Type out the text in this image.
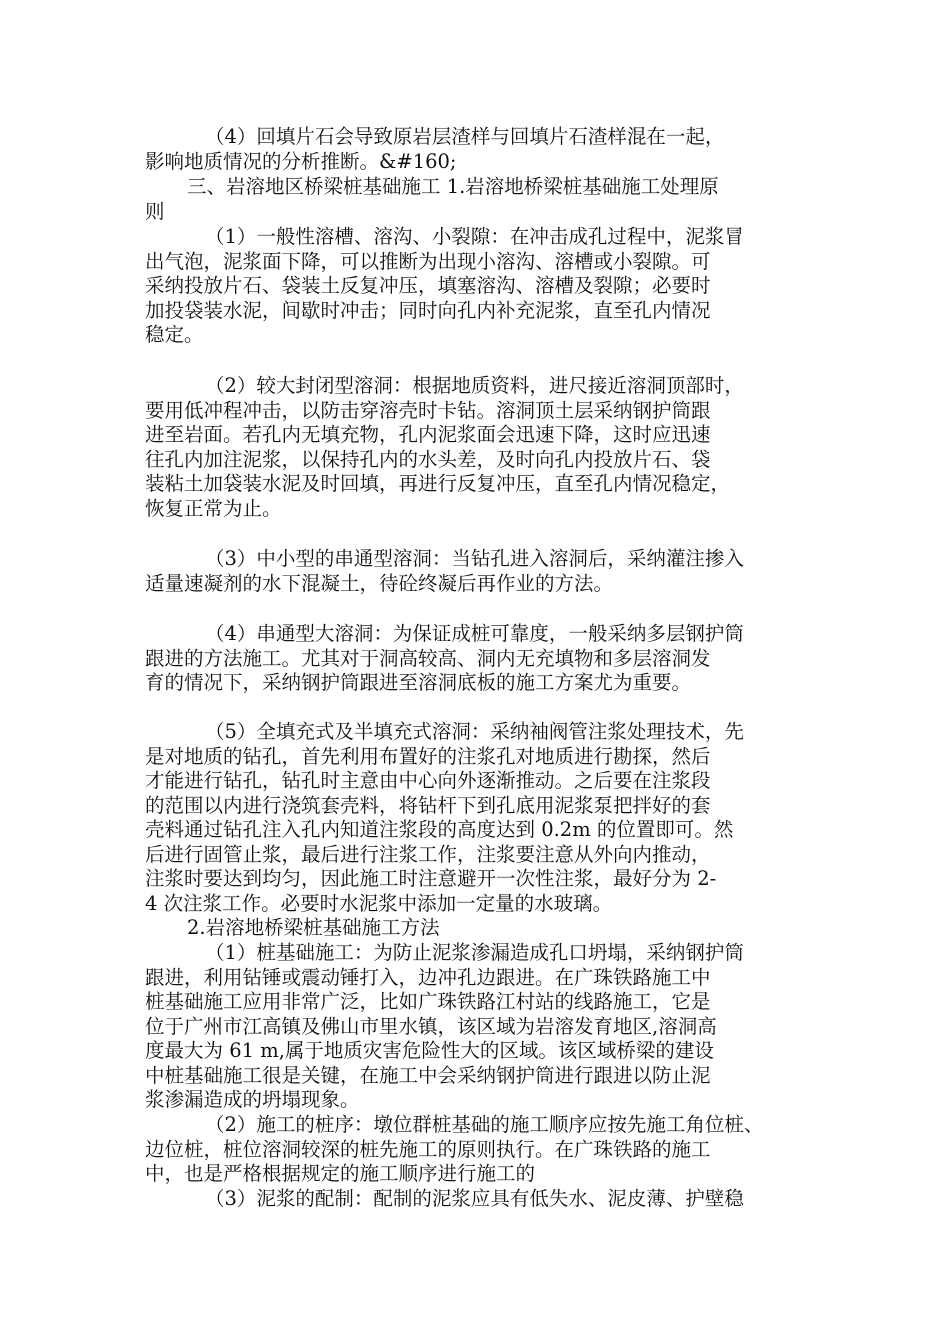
（4）回填片石会导致原岩层渣样与回填片石渣样混在一起，
影响地质情况的分析推断。&#160;

三、岩溶地区桥梁桩基础施工 1.岩溶地桥梁桩基础施工处理原
则

（1）一般性溶槽、溶沟、小裂隙：在冲击成孔过程中，泥浆冒
出气泡，泥浆面下降，可以推断为出现小溶沟、溶槽或小裂隙。可
采纳投放片石、袋装土反复冲压，填塞溶沟、溶槽及裂隙；必要时
加投袋装水泥，间歇时冲击；同时向孔内补充泥浆，直至孔内情况
稳定。

（2）较大封闭型溶洞：根据地质资料，进尺接近溶洞顶部时，
要用低冲程冲击，以防击穿溶壳时卡钻。溶洞顶土层采纳钢护筒跟
进至岩面。若孔内无填充物，孔内泥浆面会迅速下降，这时应迅速
往孔内加注泥浆，以保持孔内的水头差，及时向孔内投放片石、袋
装粘土加袋装水泥及时回填，再进行反复冲压，直至孔内情况稳定，
恢复正常为止。

（3）中小型的串通型溶洞：当钻孔进入溶洞后，采纳灌注掺入
适量速凝剂的水下混凝土，待砼终凝后再作业的方法。

（4）串通型大溶洞：为保证成桩可靠度，一般采纳多层钢护筒
跟进的方法施工。尤其对于洞高较高、洞内无充填物和多层溶洞发
育的情况下，采纳钢护筒跟进至溶洞底板的施工方案尤为重要。

（5）全填充式及半填充式溶洞：采纳袖阀管注浆处理技术，先
是对地质的钻孔，首先利用布置好的注浆孔对地质进行勘探，然后
才能进行钻孔，钻孔时主意由中心向外逐渐推动。之后要在注浆段
的范围以内进行浇筑套壳料，将钻杆下到孔底用泥浆泵把拌好的套
壳料通过钻孔注入孔内知道注浆段的高度达到 0.2m 的位置即可。然
后进行固管止浆，最后进行注浆工作，注浆要注意从外向内推动，
注浆时要达到均匀，因此施工时注意避开一次性注浆，最好分为 2-
4 次注浆工作。必要时水泥浆中添加一定量的水玻璃。

2.岩溶地桥梁桩基础施工方法

（1）桩基础施工：为防止泥浆渗漏造成孔口坍塌，采纳钢护筒
跟进，利用钻锤或震动锤打入，边冲孔边跟进。在广珠铁路施工中
桩基础施工应用非常广泛，比如广珠铁路江村站的线路施工，它是
位于广州市江高镇及佛山市里水镇，该区域为岩溶发育地区,溶洞高
度最大为 61 m,属于地质灾害危险性大的区域。该区域桥梁的建设
中桩基础施工很是关键，在施工中会采纳钢护筒进行跟进以防止泥
浆渗漏造成的坍塌现象。

（2）施工的桩序：墩位群桩基础的施工顺序应按先施工角位桩、
边位桩，桩位溶洞较深的桩先施工的原则执行。在广珠铁路的施工
中，也是严格根据规定的施工顺序进行施工的

（3）泥浆的配制：配制的泥浆应具有低失水、泥皮薄、护壁稳
